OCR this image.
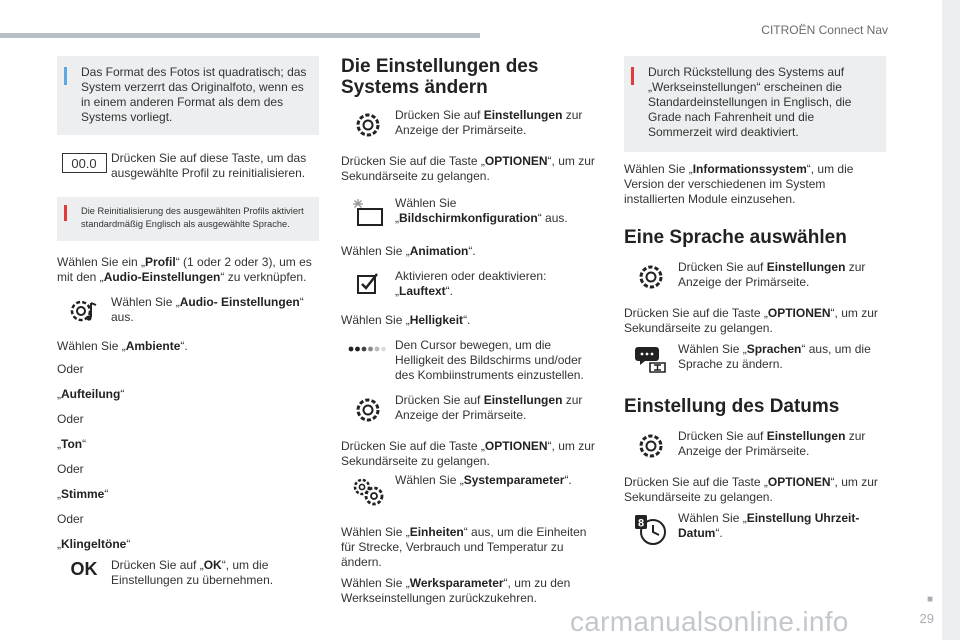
CITROËN Connect Nav
■
29
carmanualsonline.info

Das Format des Fotos ist quadratisch; das System verzerrt das Originalfoto, wenn es in einem anderen Format als dem des Systems vorliegt.

00.0	Drücken Sie auf diese Taste, um das ausgewählte Profil zu reinitialisieren.

Die Reinitialisierung des ausgewählten Profils aktiviert standardmäßig Englisch als ausgewählte Sprache.

Wählen Sie ein „Profil“ (1 oder 2 oder 3), um es mit den „Audio-Einstellungen“ zu verknüpfen.

Wählen Sie „Audio- Einstellungen“ aus.

Wählen Sie „Ambiente“.

Oder

„Aufteilung“

Oder

„Ton“

Oder

„Stimme“

Oder

„Klingeltöne“

OK Drücken Sie auf „OK“, um die Einstellungen zu übernehmen.
Die Einstellungen des Systems ändern
Drücken Sie auf Einstellungen zur Anzeige der Primärseite.

Drücken Sie auf die Taste „OPTIONEN“, um zur Sekundärseite zu gelangen.

Wählen Sie „Bildschirmkonfiguration“ aus.

Wählen Sie „Animation“.

Aktivieren oder deaktivieren: „Lauftext“.

Wählen Sie „Helligkeit“.

Den Cursor bewegen, um die Helligkeit des Bildschirms und/oder des Kombiinstruments einzustellen.
Drücken Sie auf Einstellungen zur Anzeige der Primärseite.

Drücken Sie auf die Taste „OPTIONEN“, um zur Sekundärseite zu gelangen.

Wählen Sie „Systemparameter“.

Wählen Sie „Einheiten“ aus, um die Einheiten für Strecke, Verbrauch und Temperatur zu ändern.

Wählen Sie „Werksparameter“, um zu den Werkseinstellungen zurückzukehren.

Durch Rückstellung des Systems auf „Werkseinstellungen“ erscheinen die Standardeinstellungen in Englisch, die Grade nach Fahrenheit und die Sommerzeit wird deaktiviert.

Wählen Sie „Informationssystem“, um die Version der verschiedenen im System installierten Module einzusehen.

Eine Sprache auswählen
Drücken Sie auf Einstellungen zur Anzeige der Primärseite.

Drücken Sie auf die Taste „OPTIONEN“, um zur Sekundärseite zu gelangen.

Wählen Sie „Sprachen“ aus, um die Sprache zu ändern.
Einstellung des Datums
Drücken Sie auf Einstellungen zur Anzeige der Primärseite.

Drücken Sie auf die Taste „OPTIONEN“, um zur Sekundärseite zu gelangen.

8	Wählen Sie „Einstellung Uhrzeit-Datum“.
